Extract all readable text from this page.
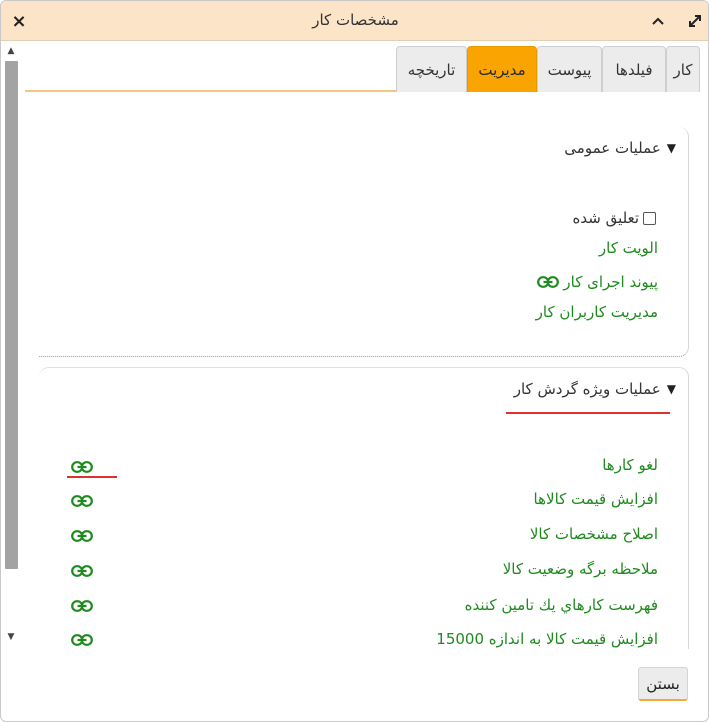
×	مشخصات کار
▲
▼
کار
فیلدها
پیوست
مدیریت
تاریخچه
▼
عملیات عمومی
تعلیق شده
الویت کار
پیوند اجرای کار
مدیریت کاربران کار
▼
عملیات ویژه گردش کار
لغو کارها
افزایش قیمت کالاها
اصلاح مشخصات کالا
ملاحظه برگه وضعیت کالا
فهرست کارهاي يك تامين كننده
افزایش قیمت کالا به اندازه 15000
بستن
